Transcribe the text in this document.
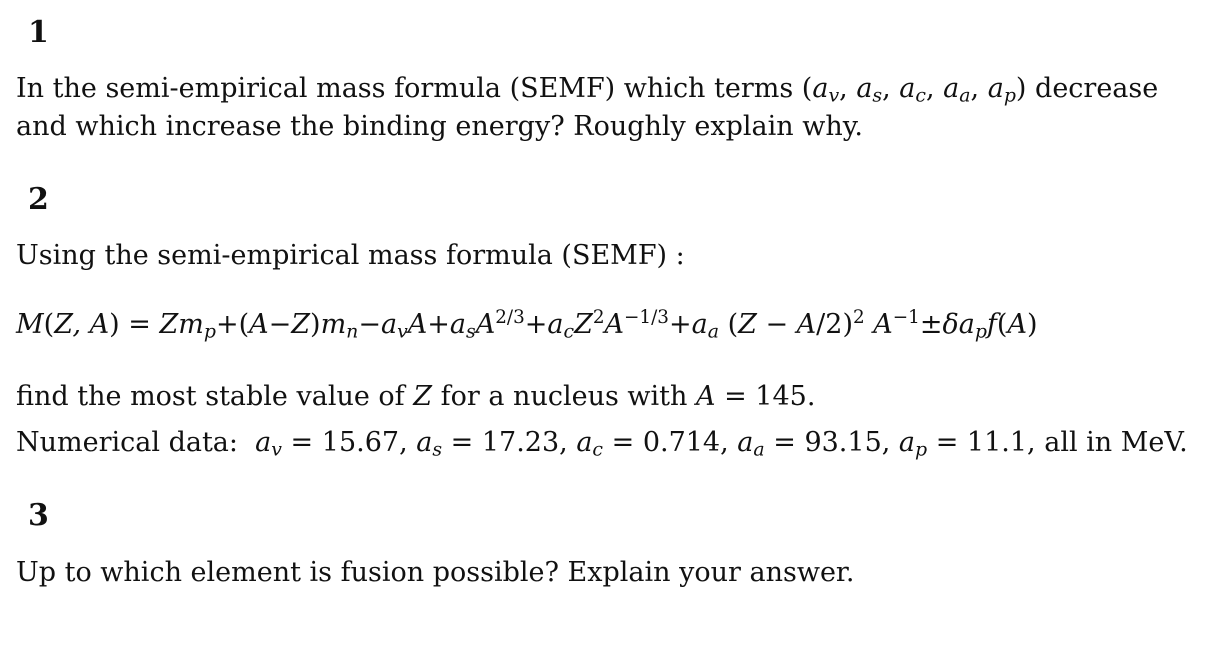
1
In the semi-empirical mass formula (SEMF) which terms ($a_v$, $a_s$, $a_c$, $a_a$, $a_p$) decrease
and which increase the binding energy? Roughly explain why.
2
Using the semi-empirical mass formula (SEMF) :
M(Z, $A) = Zm_p+(A-Z)m_n-a_vA+a_sA^{2/3}+a_cZ^2A^{-1/3}+a_a$ $(Z - A/2)^2$ $A^{-1}\pm\delta a_pf(A)$
find the most stable value of Z for a nucleus with A = 145.
Numerical data: $a_v = 15.67$, $a_s = 17.23$, $a_c = 0.714$, $a_a = 93.15$, $a_p = 11.1$, all in MeV.
3
Up to which element is fusion possible? Explain your answer.
